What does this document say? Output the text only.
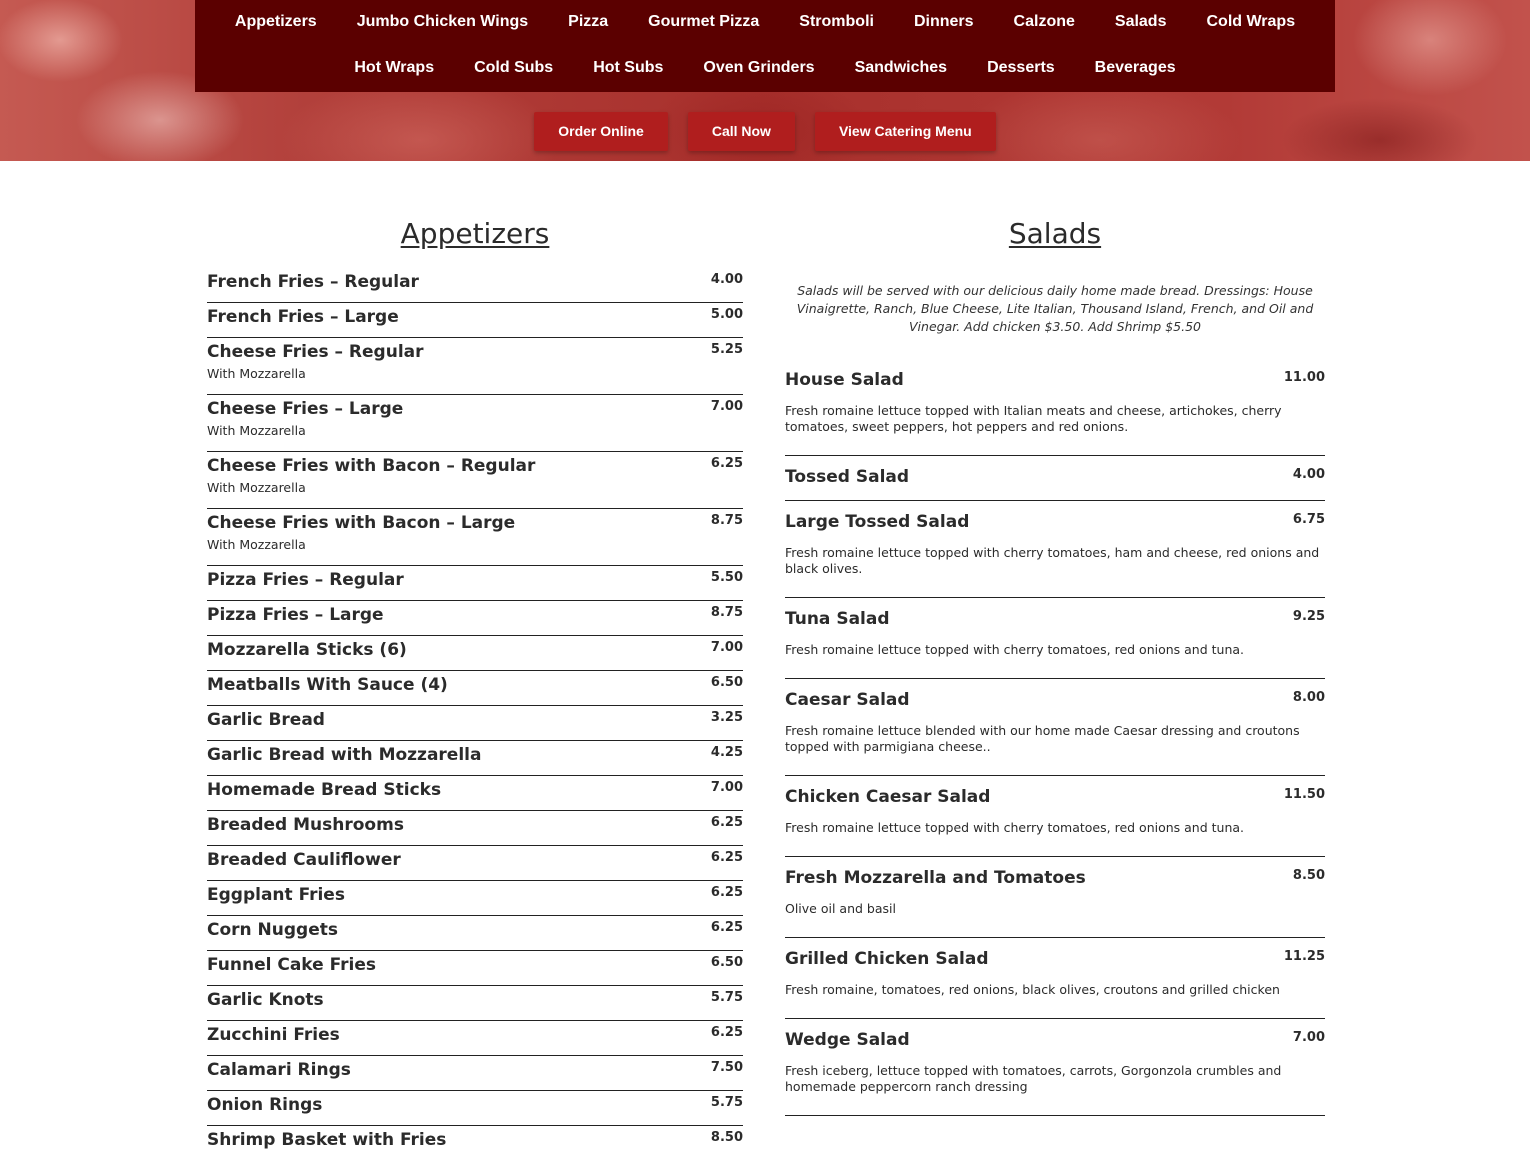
Appetizers	Jumbo Chicken Wings	Pizza	Gourmet Pizza	Stromboli	Dinners	Calzone	Salads	Cold Wraps
Hot Wraps	Cold Subs	Hot Subs	Oven Grinders	Sandwiches	Desserts	Beverages
Order Online	Call Now	View Catering Menu
Appetizers
French Fries – Regular	4.00
French Fries – Large	5.00
Cheese Fries – Regular	5.25
With Mozzarella
Cheese Fries – Large	7.00
With Mozzarella
Cheese Fries with Bacon – Regular	6.25
With Mozzarella
Cheese Fries with Bacon – Large	8.75
With Mozzarella
Pizza Fries – Regular	5.50
Pizza Fries – Large	8.75
Mozzarella Sticks (6)	7.00
Meatballs With Sauce (4)	6.50
Garlic Bread	3.25
Garlic Bread with Mozzarella	4.25
Homemade Bread Sticks	7.00
Breaded Mushrooms	6.25
Breaded Cauliflower	6.25
Eggplant Fries	6.25
Corn Nuggets	6.25
Funnel Cake Fries	6.50
Garlic Knots	5.75
Zucchini Fries	6.25
Calamari Rings	7.50
Onion Rings	5.75
Shrimp Basket with Fries	8.50
Salads
Salads will be served with our delicious daily home made bread. Dressings: House Vinaigrette, Ranch, Blue Cheese, Lite Italian, Thousand Island, French, and Oil and Vinegar. Add chicken $3.50. Add Shrimp $5.50
House Salad	11.00
Fresh romaine lettuce topped with Italian meats and cheese, artichokes, cherry tomatoes, sweet peppers, hot peppers and red onions.
Tossed Salad	4.00
Large Tossed Salad	6.75
Fresh romaine lettuce topped with cherry tomatoes, ham and cheese, red onions and black olives.
Tuna Salad	9.25
Fresh romaine lettuce topped with cherry tomatoes, red onions and tuna.
Caesar Salad	8.00
Fresh romaine lettuce blended with our home made Caesar dressing and croutons topped with parmigiana cheese..
Chicken Caesar Salad	11.50
Fresh romaine lettuce topped with cherry tomatoes, red onions and tuna.
Fresh Mozzarella and Tomatoes	8.50
Olive oil and basil
Grilled Chicken Salad	11.25
Fresh romaine, tomatoes, red onions, black olives, croutons and grilled chicken
Wedge Salad	7.00
Fresh iceberg, lettuce topped with tomatoes, carrots, Gorgonzola crumbles and homemade peppercorn ranch dressing
